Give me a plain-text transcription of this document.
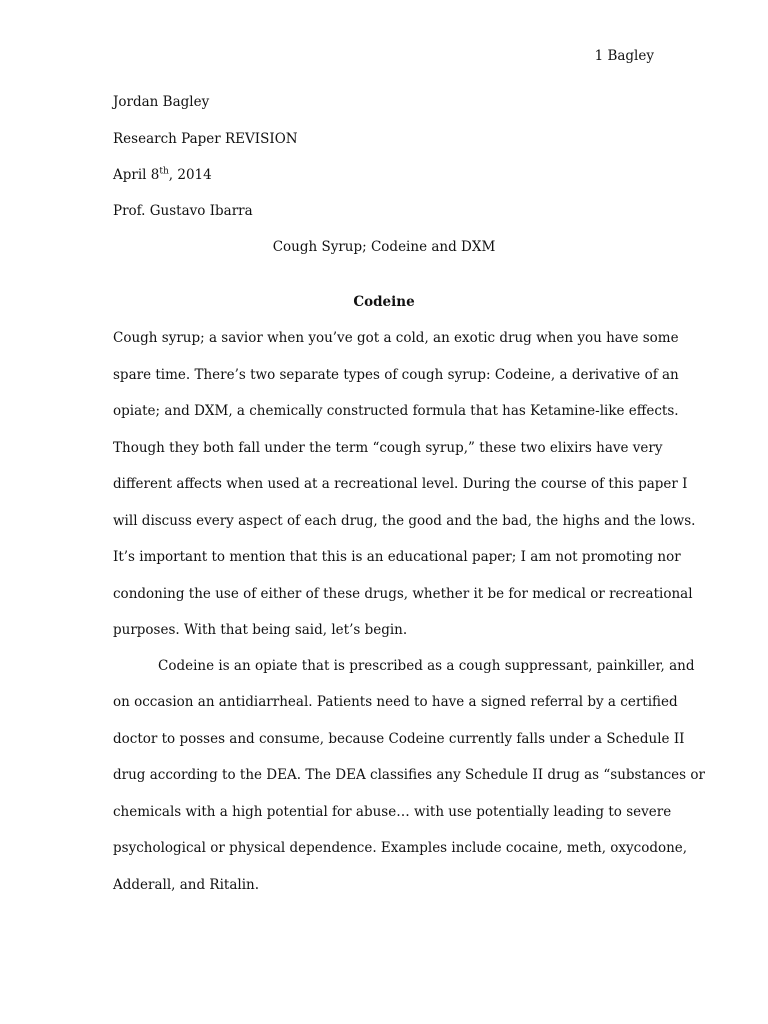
1 Bagley
Jordan Bagley
Research Paper REVISION
April 8th, 2014
Prof. Gustavo Ibarra
Cough Syrup; Codeine and DXM
Codeine
Cough syrup; a savior when you’ve got a cold, an exotic drug when you have some
spare time. There’s two separate types of cough syrup: Codeine, a derivative of an
opiate; and DXM, a chemically constructed formula that has Ketamine-like effects.
Though they both fall under the term “cough syrup,” these two elixirs have very
different affects when used at a recreational level. During the course of this paper I
will discuss every aspect of each drug, the good and the bad, the highs and the lows.
It’s important to mention that this is an educational paper; I am not promoting nor
condoning the use of either of these drugs, whether it be for medical or recreational
purposes. With that being said, let’s begin.
Codeine is an opiate that is prescribed as a cough suppressant, painkiller, and
on occasion an antidiarrheal. Patients need to have a signed referral by a certified
doctor to posses and consume, because Codeine currently falls under a Schedule II
drug according to the DEA. The DEA classifies any Schedule II drug as “substances or
chemicals with a high potential for abuse… with use potentially leading to severe
psychological or physical dependence. Examples include cocaine, meth, oxycodone,
Adderall, and Ritalin.
